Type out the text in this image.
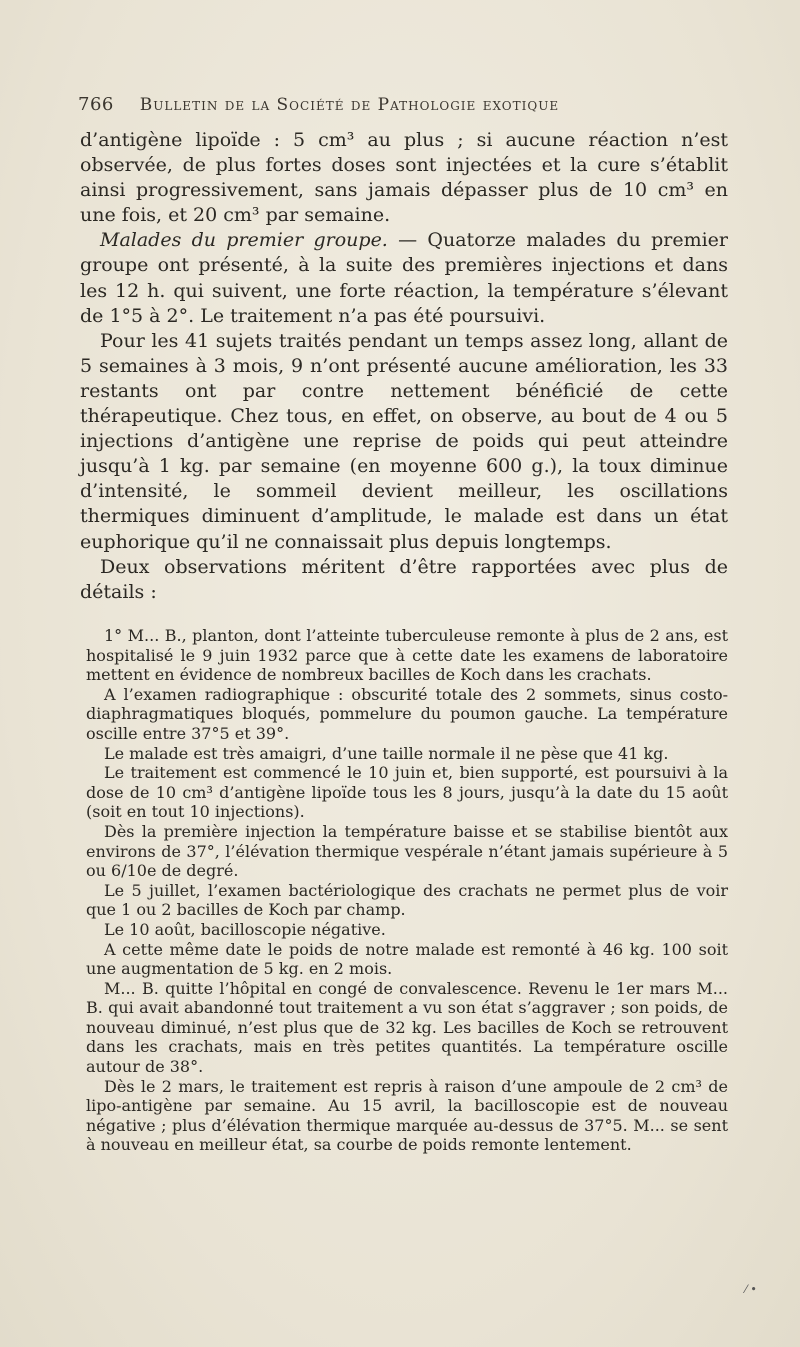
766 Bulletin de la Société de Pathologie exotique

d’antigène lipoïde : 5 cm³ au plus ; si aucune réaction n’est observée, de plus fortes doses sont injectées et la cure s’établit ainsi progressivement, sans jamais dépasser plus de 10 cm³ en une fois, et 20 cm³ par semaine.

Malades du premier groupe. — Quatorze malades du premier groupe ont présenté, à la suite des premières injections et dans les 12 h. qui suivent, une forte réaction, la température s’élevant de 1°5 à 2°. Le traitement n’a pas été poursuivi.

Pour les 41 sujets traités pendant un temps assez long, allant de 5 semaines à 3 mois, 9 n’ont présenté aucune amélioration, les 33 restants ont par contre nettement bénéficié de cette thérapeutique. Chez tous, en effet, on observe, au bout de 4 ou 5 injections d’antigène une reprise de poids qui peut atteindre jusqu’à 1 kg. par semaine (en moyenne 600 g.), la toux diminue d’intensité, le sommeil devient meilleur, les oscillations thermiques diminuent d’amplitude, le malade est dans un état euphorique qu’il ne connaissait plus depuis longtemps.

Deux observations méritent d’être rapportées avec plus de détails :

1° M... B., planton, dont l’atteinte tuberculeuse remonte à plus de 2 ans, est hospitalisé le 9 juin 1932 parce que à cette date les examens de laboratoire mettent en évidence de nombreux bacilles de Koch dans les crachats.

A l’examen radiographique : obscurité totale des 2 sommets, sinus costo-diaphragmatiques bloqués, pommelure du poumon gauche. La température oscille entre 37°5 et 39°.

Le malade est très amaigri, d’une taille normale il ne pèse que 41 kg.

Le traitement est commencé le 10 juin et, bien supporté, est poursuivi à la dose de 10 cm³ d’antigène lipoïde tous les 8 jours, jusqu’à la date du 15 août (soit en tout 10 injections).

Dès la première injection la température baisse et se stabilise bientôt aux environs de 37°, l’élévation thermique vespérale n’étant jamais supérieure à 5 ou 6/10e de degré.

Le 5 juillet, l’examen bactériologique des crachats ne permet plus de voir que 1 ou 2 bacilles de Koch par champ.

Le 10 août, bacilloscopie négative.

A cette même date le poids de notre malade est remonté à 46 kg. 100 soit une augmentation de 5 kg. en 2 mois.

M... B. quitte l’hôpital en congé de convalescence. Revenu le 1er mars M... B. qui avait abandonné tout traitement a vu son état s’aggraver ; son poids, de nouveau diminué, n’est plus que de 32 kg. Les bacilles de Koch se retrouvent dans les crachats, mais en très petites quantités. La température oscille autour de 38°.

Dès le 2 mars, le traitement est repris à raison d’une ampoule de 2 cm³ de lipo-antigène par semaine. Au 15 avril, la bacilloscopie est de nouveau négative ; plus d’élévation thermique marquée au-dessus de 37°5. M... se sent à nouveau en meilleur état, sa courbe de poids remonte lentement.

⁄ •
